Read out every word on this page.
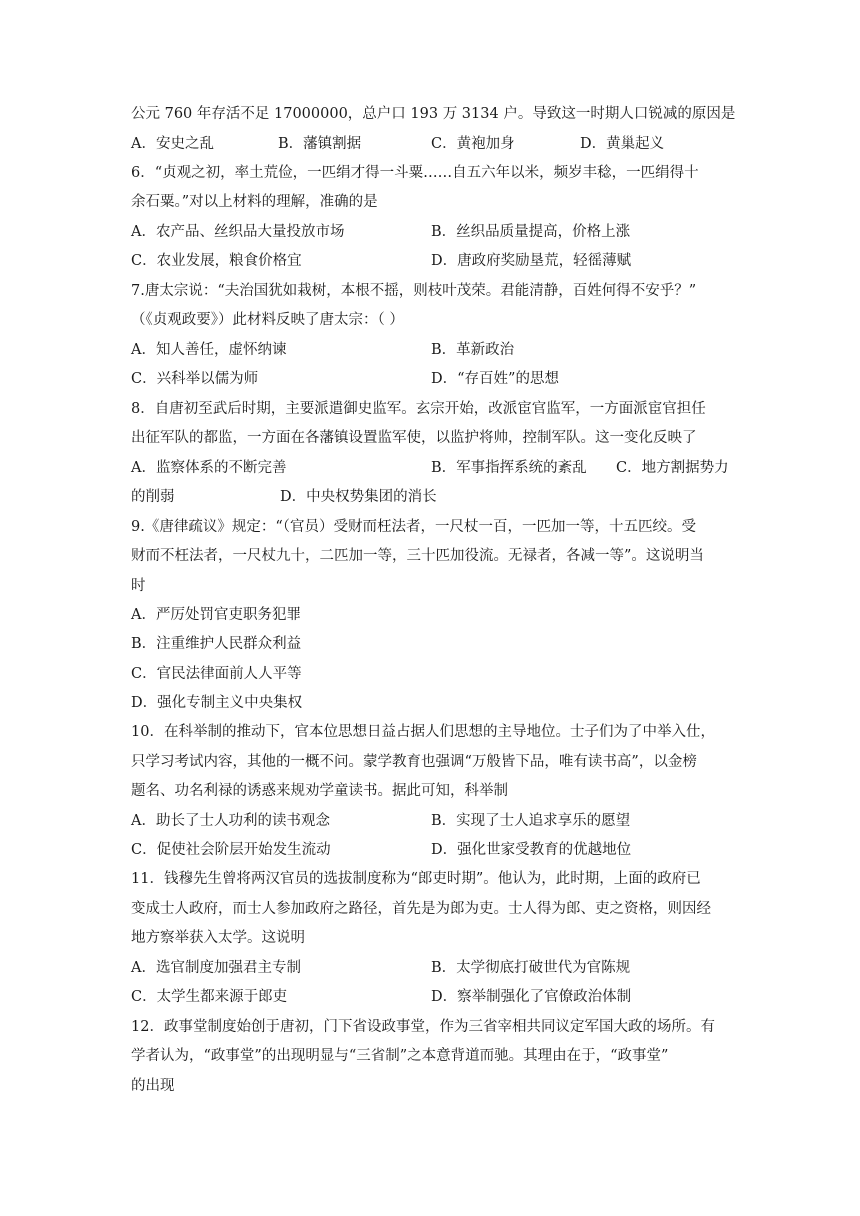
公元 760 年存活不足 17000000，总户口 193 万 3134 户。导致这一时期人口锐减的原因是
A．安史之乱	B．藩镇割据	C．黄袍加身	D．黄巢起义
6．“贞观之初，率土荒俭，一匹绢才得一斗粟……自五六年以米，频岁丰稔，一匹绢得十
余石粟。”对以上材料的理解，准确的是
A．农产品、丝织品大量投放市场	B．丝织品质量提高，价格上涨
C．农业发展，粮食价格宜	D．唐政府奖励垦荒，轻徭薄赋
7.唐太宗说：“夫治国犹如栽树，本根不摇，则枝叶茂荣。君能清静，百姓何得不安乎？”
（《贞观政要》）此材料反映了唐太宗：（ ）
A．知人善任，虚怀纳谏	B．革新政治
C．兴科举以儒为师	D．“存百姓”的思想
8．自唐初至武后时期，主要派遣御史监军。玄宗开始，改派宦官监军，一方面派宦官担任
出征军队的都监，一方面在各藩镇设置监军使，以监护将帅，控制军队。这一变化反映了
A．监察体系的不断完善	B．军事指挥系统的紊乱 C．地方割据势力
的削弱	D．中央权势集团的消长
9.《唐律疏议》规定：“（官员）受财而枉法者，一尺杖一百，一匹加一等，十五匹绞。受
财而不枉法者，一尺杖九十，二匹加一等，三十匹加役流。无禄者，各减一等”。这说明当
时
A．严厉处罚官吏职务犯罪
B．注重维护人民群众利益
C．官民法律面前人人平等
D．强化专制主义中央集权
10．在科举制的推动下，官本位思想日益占据人们思想的主导地位。士子们为了中举入仕，
只学习考试内容，其他的一概不问。蒙学教育也强调“万般皆下品，唯有读书高”，以金榜
题名、功名利禄的诱惑来规劝学童读书。据此可知，科举制
A．助长了士人功利的读书观念	B．实现了士人追求享乐的愿望
C．促使社会阶层开始发生流动	D．强化世家受教育的优越地位
11．钱穆先生曾将两汉官员的选拔制度称为“郎吏时期”。他认为，此时期，上面的政府已
变成士人政府，而士人参加政府之路径，首先是为郎为吏。士人得为郎、吏之资格，则因经
地方察举获入太学。这说明
A．选官制度加强君主专制	B．太学彻底打破世代为官陈规
C．太学生都来源于郎吏	D．察举制强化了官僚政治体制
12．政事堂制度始创于唐初，门下省设政事堂，作为三省宰相共同议定军国大政的场所。有
学者认为，“政事堂”的出现明显与“三省制”之本意背道而驰。其理由在于，“政事堂”
的出现
